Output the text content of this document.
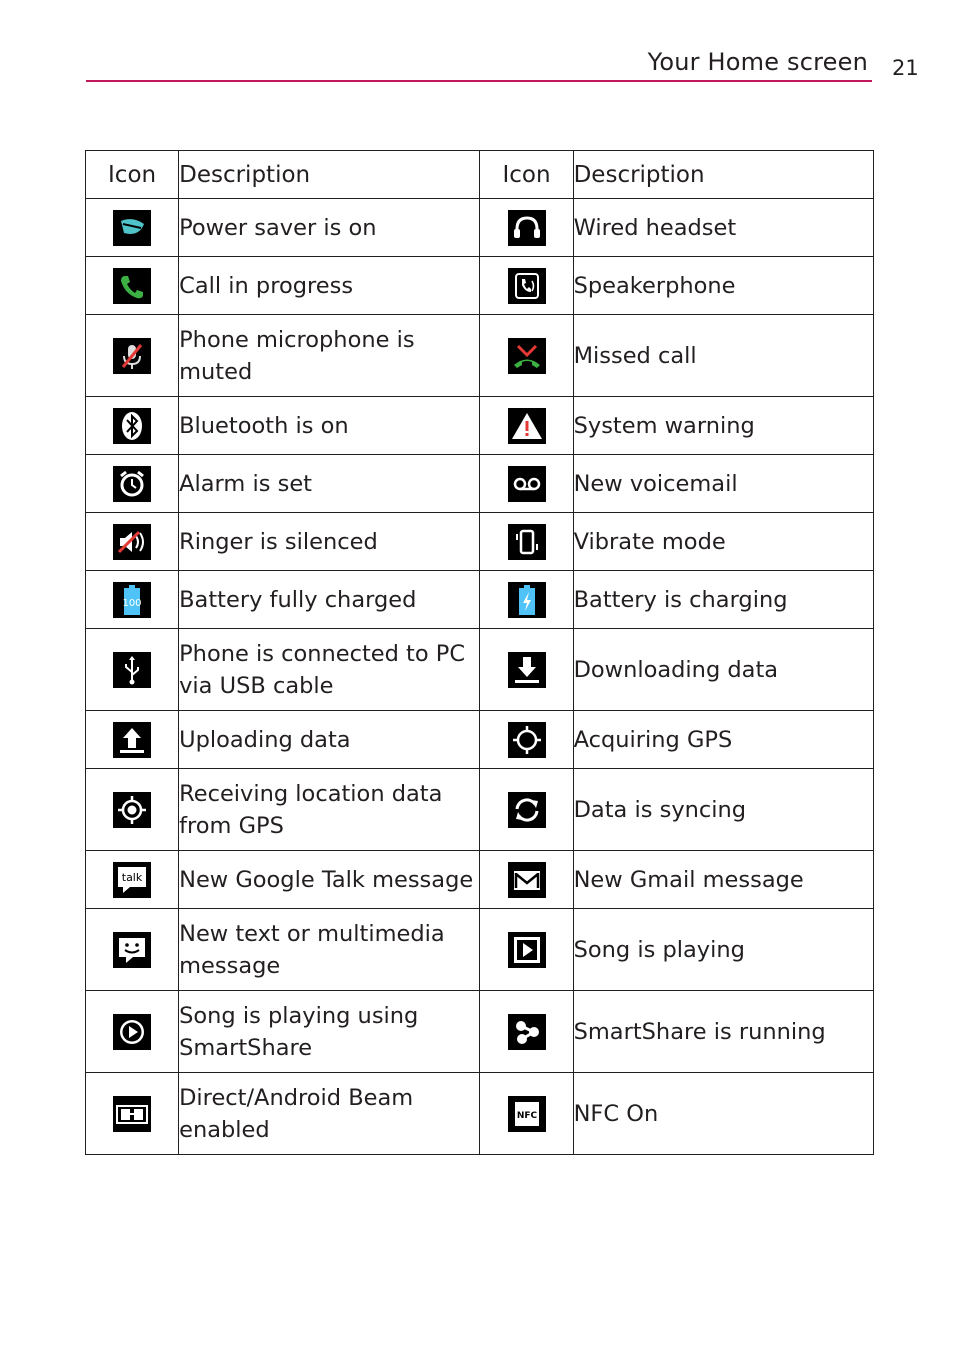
Your Home screen 21
Icon	Description	Icon	Description

	Power saver is on		Wired headset

	Call in progress		Speakerphone

	Phone microphone is muted		Missed call

	Bluetooth is on		System warning

	Alarm is set		New voicemail

	Ringer is silenced		Vibrate mode

100	Battery fully charged		Battery is charging

	Phone is connected to PC via USB cable		Downloading data

	Uploading data		Acquiring GPS

	Receiving location data from GPS		Data is syncing

talk	New Google Talk message		New Gmail message

	New text or multimedia message		Song is playing

	Song is playing using SmartShare		SmartShare is running

	Direct/Android Beam enabled	NFC	NFC On
